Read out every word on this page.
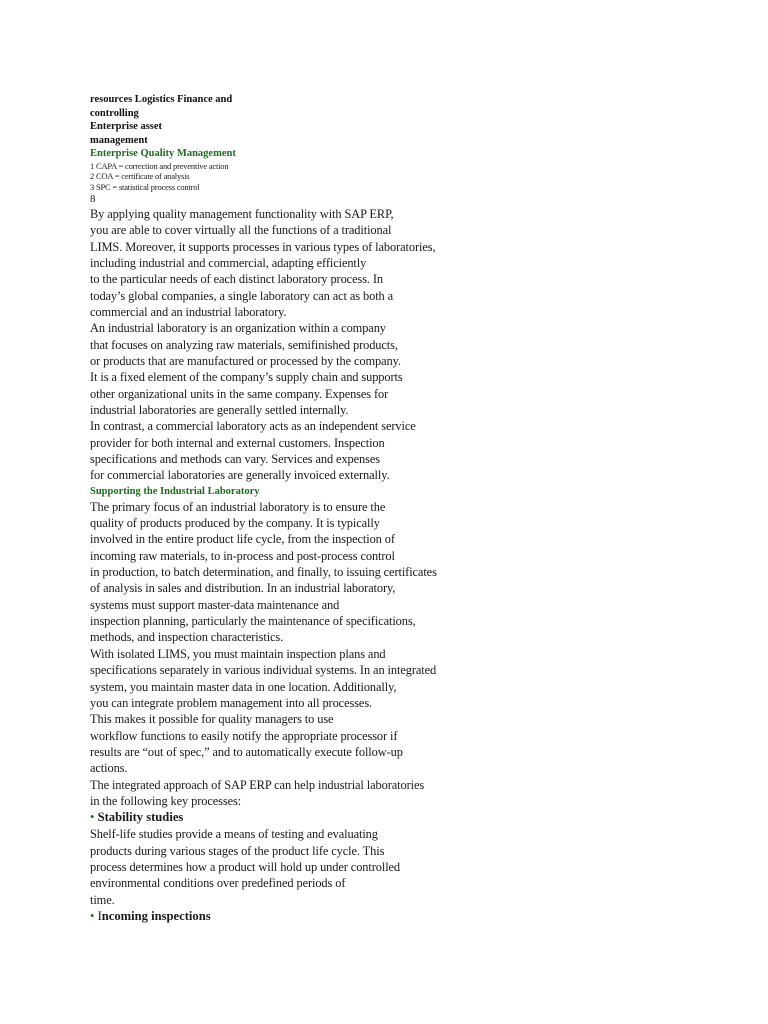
resources Logistics Finance and
controlling
Enterprise asset
management
Enterprise Quality Management
1 CAPA = correction and preventive action
2 COA = certificate of analysis
3 SPC = statistical process control
8
By applying quality management functionality with SAP ERP,
you are able to cover virtually all the functions of a traditional
LIMS. Moreover, it supports processes in various types of laboratories,
including industrial and commercial, adapting efficiently
to the particular needs of each distinct laboratory process. In
today’s global companies, a single laboratory can act as both a
commercial and an industrial laboratory.
An industrial laboratory is an organization within a company
that focuses on analyzing raw materials, semifinished products,
or products that are manufactured or processed by the company.
It is a fixed element of the company’s supply chain and supports
other organizational units in the same company. Expenses for
industrial laboratories are generally settled internally.
In contrast, a commercial laboratory acts as an independent service
provider for both internal and external customers. Inspection
specifications and methods can vary. Services and expenses
for commercial laboratories are generally invoiced externally.
Supporting the Industrial Laboratory
The primary focus of an industrial laboratory is to ensure the
quality of products produced by the company. It is typically
involved in the entire product life cycle, from the inspection of
incoming raw materials, to in-process and post-process control
in production, to batch determination, and finally, to issuing certificates
of analysis in sales and distribution. In an industrial laboratory,
systems must support master-data maintenance and
inspection planning, particularly the maintenance of specifications,
methods, and inspection characteristics.
With isolated LIMS, you must maintain inspection plans and
specifications separately in various individual systems. In an integrated
system, you maintain master data in one location. Additionally,
you can integrate problem management into all processes.
This makes it possible for quality managers to use
workflow functions to easily notify the appropriate processor if
results are “out of spec,” and to automatically execute follow-up
actions.
The integrated approach of SAP ERP can help industrial laboratories
in the following key processes:
• Stability studies
Shelf-life studies provide a means of testing and evaluating
products during various stages of the product life cycle. This
process determines how a product will hold up under controlled
environmental conditions over predefined periods of
time.
• Incoming inspections
